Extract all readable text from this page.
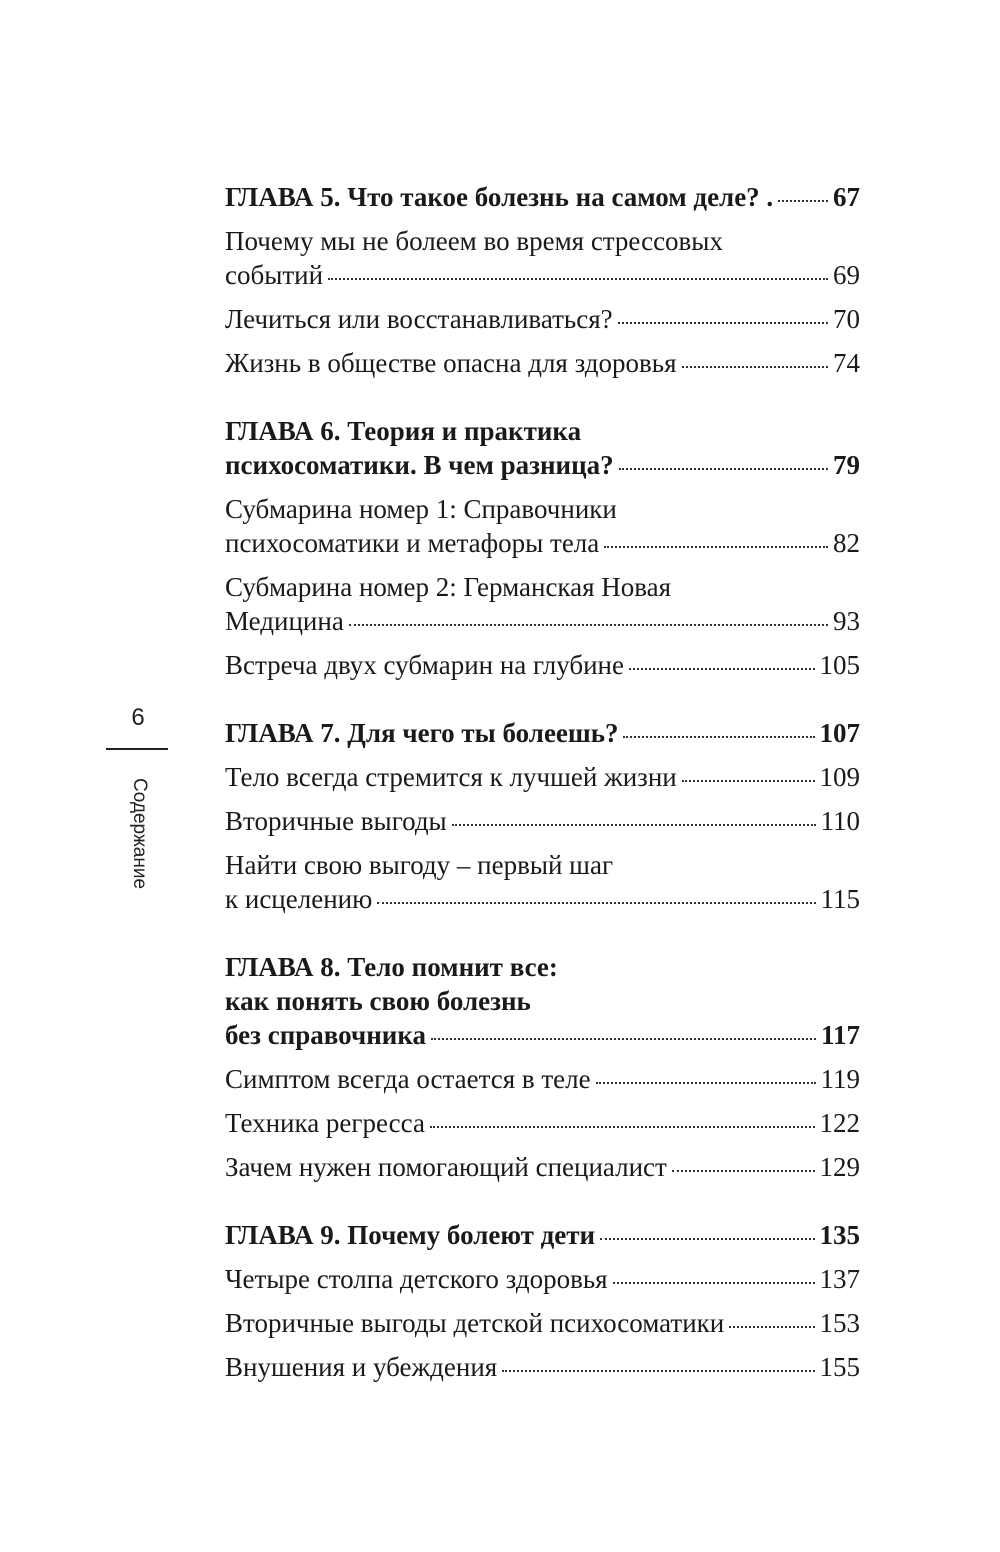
6
Содержание
ГЛАВА 5. Что такое болезнь на самом деле? . 67
Почему мы не болеем во время стрессовых
событий	69
Лечиться или восстанавливаться?	70
Жизнь в обществе опасна для здоровья	74
ГЛАВА 6. Теория и практика
психосоматики. В чем разница?	79
Субмарина номер 1: Справочники
психосоматики и метафоры тела	82
Субмарина номер 2: Германская Новая
Медицина	93
Встреча двух субмарин на глубине	105
ГЛАВА 7. Для чего ты болеешь?	107
Тело всегда стремится к лучшей жизни	109
Вторичные выгоды	110
Найти свою выгоду – первый шаг
к исцелению	115
ГЛАВА 8. Тело помнит все:
как понять свою болезнь
без справочника	117
Симптом всегда остается в теле	119
Техника регресса	122
Зачем нужен помогающий специалист	129
ГЛАВА 9. Почему болеют дети	135
Четыре столпа детского здоровья	137
Вторичные выгоды детской психосоматики	153
Внушения и убеждения	155
